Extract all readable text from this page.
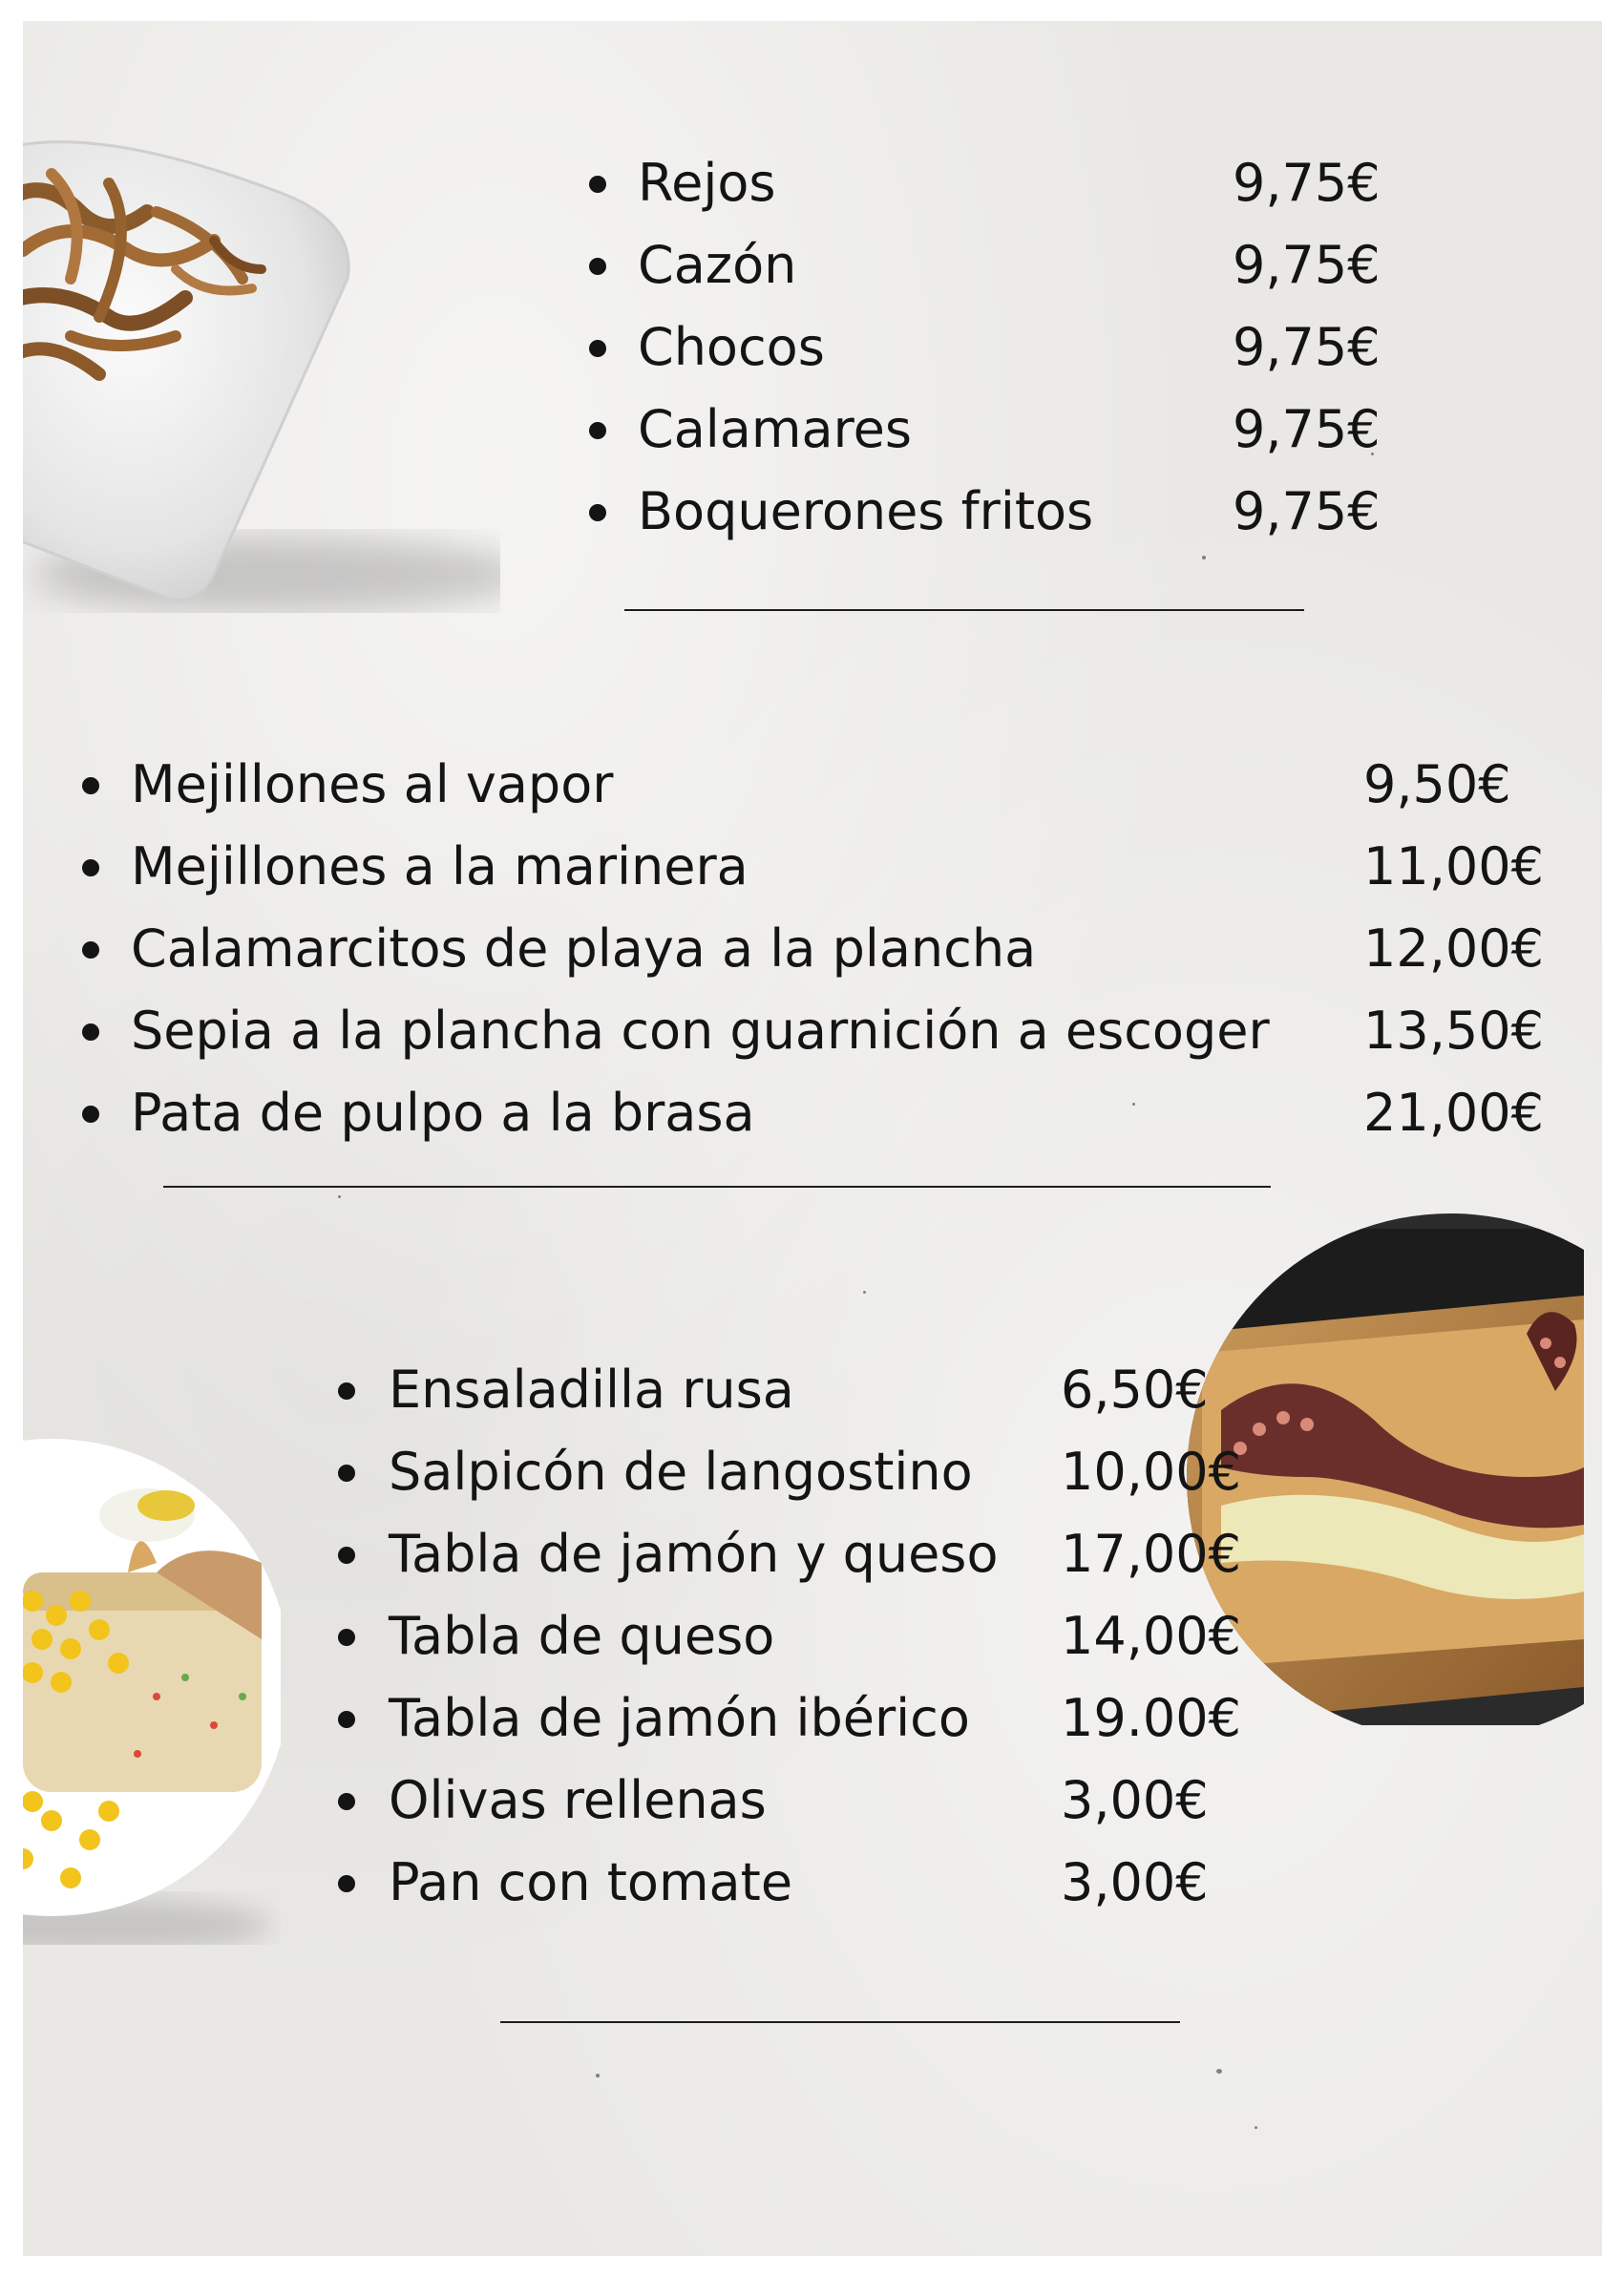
Rejos	9,75€
Cazón	9,75€
Chocos	9,75€
Calamares	9,75€
Boquerones fritos	9,75€
Mejillones al vapor	9,50€
Mejillones a la marinera	11,00€
Calamarcitos de playa a la plancha	12,00€
Sepia a la plancha con guarnición a escoger 13,50€
Pata de pulpo a la brasa	21,00€
Ensaladilla rusa	6,50€
Salpicón de langostino 10,00€
Tabla de jamón y queso 17,00€
Tabla de queso	14,00€
Tabla de jamón ibérico 19.00€
Olivas rellenas	3,00€
Pan con tomate	3,00€
